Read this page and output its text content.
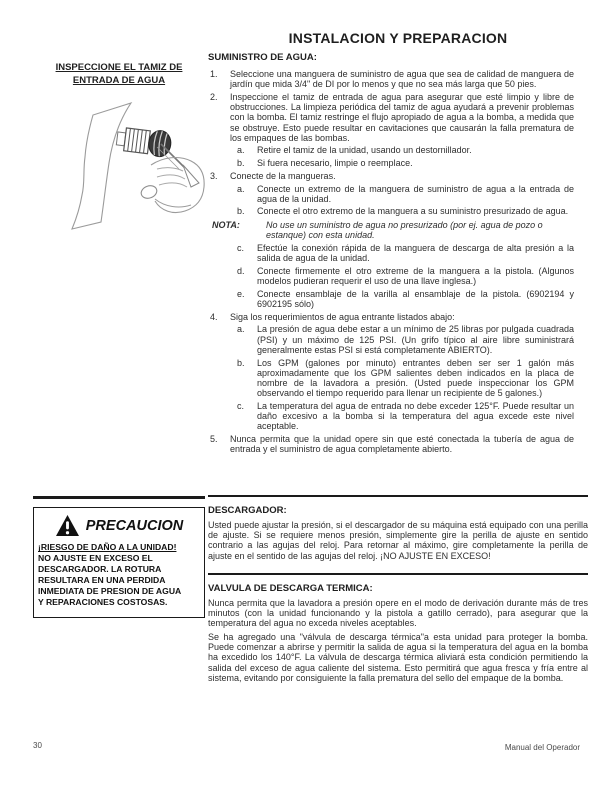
INSTALACION Y PREPARACION
INSPECCIONE EL TAMIZ DE
ENTRADA DE AGUA
PRECAUCION
¡RIESGO DE DAÑO A LA UNIDAD!
NO AJUSTE EN EXCESO EL
DESCARGADOR. LA ROTURA
RESULTARA EN UNA PERDIDA
INMEDIATA DE PRESION DE AGUA
Y REPARACIONES COSTOSAS.
SUMINISTRO DE AGUA:
1.	Seleccione una manguera de suministro de agua que sea de calidad de manguera de jardín que mida 3/4" de DI por lo menos y que no sea más larga que 50 pies.
2.	Inspeccione el tamiz de entrada de agua para asegurar que esté limpio y libre de obstrucciones. La limpieza periódica del tamiz de agua ayudará a prevenir problemas con la bomba. El tamiz restringe el flujo apropiado de agua a la bomba, a medida que se obstruye. Esto puede resultar en cavitaciones que causarán la falla prematura de los empaques de las bombas.
a.	Retire el tamiz de la unidad, usando un destornillador.
b.	Si fuera necesario, limpie o reemplace.
3.	Conecte de la mangueras.
a.	Conecte un extremo de la manguera de suministro de agua a la entrada de agua de la unidad.
b.	Conecte el otro extremo de la manguera a su suministro presurizado de agua.
NOTA:	No use un suministro de agua no presurizado (por ej. agua de pozo o estanque) con esta unidad.
c.	Efectúe la conexión rápida de la manguera de descarga de alta presión a la salida de agua de la unidad.
d.	Conecte firmemente el otro extreme de la manguera a la pistola. (Algunos modelos pudieran requerir el uso de una llave inglesa.)
e.	Conecte ensamblaje de la varilla al ensamblaje de la pistola. (6902194 y 6902195 sólo)
4.	Siga los requerimientos de agua entrante listados abajo:
a.	La presión de agua debe estar a un mínimo de 25 libras por pulgada cuadrada (PSI) y un máximo de 125 PSI. (Un grifo típico al aire libre suministrará generalmente estas PSI si está completamente ABIERTO).
b.	Los GPM (galones por minuto) entrantes deben ser ser 1 galón más aproximadamente que los GPM salientes deben indicados en la placa de nombre de la lavadora a presión. (Usted puede inspeccionar los GPM observando el tiempo requerido para llenar un recipiente de 5 galones.)
c.	La temperatura del agua de entrada no debe exceder 125°F. Puede resultar un daño excesivo a la bomba si la temperatura del agua excede este nivel aceptable.
5.	Nunca permita que la unidad opere sin que esté conectada la tubería de agua de entrada y el suministro de agua completamente abierto.
DESCARGADOR:
Usted puede ajustar la presión, si el descargador de su máquina está equipado con una perilla de ajuste. Si se requiere menos presión, simplemente gire la perilla de ajuste en sentido contrario a las agujas del reloj. Para retornar al máximo, gire completamente la perilla de ajuste en el sentido de las agujas del reloj. ¡NO AJUSTE EN EXCESO!
VALVULA DE DESCARGA TERMICA:
Nunca permita que la lavadora a presión opere en el modo de derivación durante más de tres minutos (con la unidad funcionando y la pistola a gatillo cerrado), para asegurar que la temperatura del agua no exceda niveles aceptables.
Se ha agregado una "válvula de descarga térmica"a esta unidad para proteger la bomba. Puede comenzar a abrirse y permitir la salida de agua si la temperatura del agua en la bomba ha excedido los 140°F. La válvula de descarga térmica aliviará esta condición permitiendo la salida del exceso de agua caliente del sistema. Esto permitirá que agua fresca y fría entre al sistema, evitando por consiguiente la falla prematura del sello del empaque de la bomba.
30	Manual del Operador
